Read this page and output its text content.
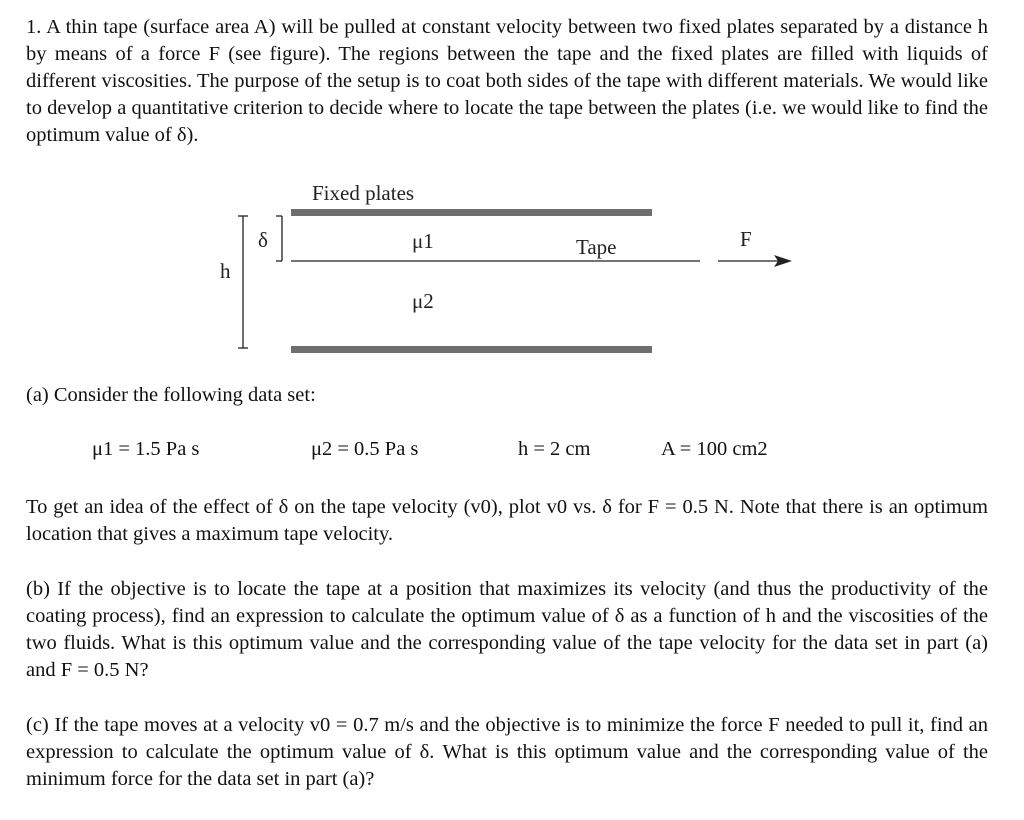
1. A thin tape (surface area A) will be pulled at constant velocity between two fixed plates separated by a distance h by means of a force F (see figure). The regions between the tape and the fixed plates are filled with liquids of different viscosities. The purpose of the setup is to coat both sides of the tape with different materials. We would like to develop a quantitative criterion to decide where to locate the tape between the plates (i.e. we would like to find the optimum value of δ).

Fixed plates
δ
h
μ1
μ2
Tape	F

(a) Consider the following data set:

μ1 = 1.5 Pa s	μ2 = 0.5 Pa s	h = 2 cm	A = 100 cm2

To get an idea of the effect of δ on the tape velocity (v0), plot v0 vs. δ for F = 0.5 N. Note that there is an optimum location that gives a maximum tape velocity.

(b) If the objective is to locate the tape at a position that maximizes its velocity (and thus the productivity of the coating process), find an expression to calculate the optimum value of δ as a function of h and the viscosities of the two fluids. What is this optimum value and the corresponding value of the tape velocity for the data set in part (a) and F = 0.5 N?

(c) If the tape moves at a velocity v0 = 0.7 m/s and the objective is to minimize the force F needed to pull it, find an expression to calculate the optimum value of δ. What is this optimum value and the corresponding value of the minimum force for the data set in part (a)?
